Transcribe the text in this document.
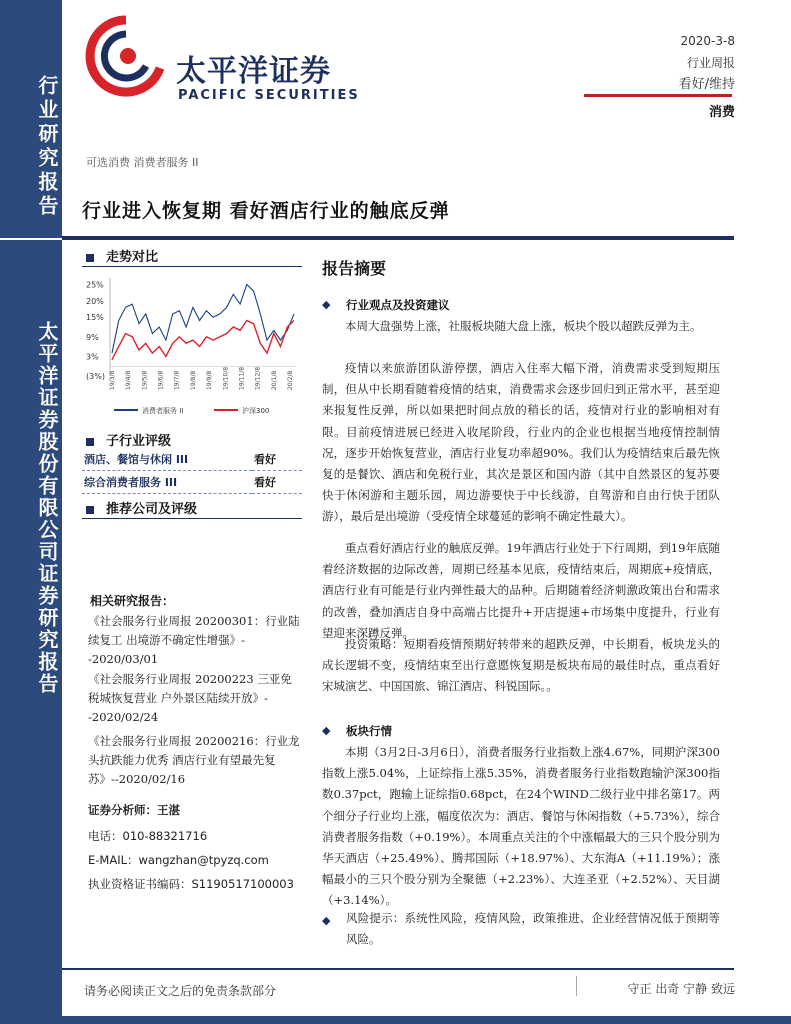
行业研究报告
太平洋证券股份有限公司证券研究报告
太平洋证券
PACIFIC SECURITIES
2020-3-8
行业周报
看好/维持
消费
可选消费 消费者服务 II
行业进入恢复期 看好酒店行业的触底反弹
走势对比
25%
20%
15%
9%
3%
(3%) 19/3/8 19/4/8 19/5/8 19/6/8 19/7/8 19/8/8 19/9/8 19/10/8 19/11/8 19/12/8 20/1/8 20/2/8
消费者服务 II	沪深300
子行业评级
酒店、餐馆与休闲 III	看好
综合消费者服务 III	看好
推荐公司及评级
相关研究报告：
《社会服务行业周报 20200301：行业陆续复工 出境游不确定性增强》--2020/03/01
《社会服务行业周报 20200223 三亚免税城恢复营业 户外景区陆续开放》--2020/02/24
《社会服务行业周报 20200216：行业龙头抗跌能力优秀 酒店行业有望最先复苏》--2020/02/16
证券分析师：王湛
电话：010-88321716
E-MAIL：wangzhan@tpyzq.com
执业资格证书编码：S1190517100003
报告摘要
◆ 行业观点及投资建议
本周大盘强势上涨，社服板块随大盘上涨，板块个股以超跌反弹为主。
疫情以来旅游团队游停摆，酒店入住率大幅下滑，消费需求受到短期压制，但从中长期看随着疫情的结束，消费需求会逐步回归到正常水平，甚至迎来报复性反弹，所以如果把时间点放的稍长的话，疫情对行业的影响相对有限。目前疫情进展已经进入收尾阶段，行业内的企业也根据当地疫情控制情况，逐步开始恢复营业，酒店行业复功率超90%。我们认为疫情结束后最先恢复的是餐饮、酒店和免税行业，其次是景区和国内游（其中自然景区的复苏要快于休闲游和主题乐园，周边游要快于中长线游，自驾游和自由行快于团队游），最后是出境游（受疫情全球蔓延的影响不确定性最大）。
重点看好酒店行业的触底反弹。19年酒店行业处于下行周期，到19年底随着经济数据的边际改善，周期已经基本见底，疫情结束后，周期底+疫情底，酒店行业有可能是行业内弹性最大的品种。后期随着经济刺激政策出台和需求的改善，叠加酒店自身中高端占比提升+开店提速+市场集中度提升，行业有望迎来深蹲反弹。
投资策略：短期看疫情预期好转带来的超跌反弹，中长期看，板块龙头的成长逻辑不变，疫情结束至出行意愿恢复期是板块布局的最佳时点，重点看好宋城演艺、中国国旅、锦江酒店、科锐国际。。
◆ 板块行情
本期（3月2日-3月6日），消费者服务行业指数上涨4.67%，同期沪深300指数上涨5.04%，上证综指上涨5.35%，消费者服务行业指数跑输沪深300指数0.37pct，跑输上证综指0.68pct，在24个WIND二级行业中排名第17。两个细分子行业均上涨，幅度依次为：酒店、餐馆与休闲指数（+5.73%），综合消费者服务指数（+0.19%）。本周重点关注的个中涨幅最大的三只个股分别为华天酒店（+25.49%）、腾邦国际（+18.97%）、大东海A（+11.19%）；涨幅最小的三只个股分别为全聚德（+2.23%）、大连圣亚（+2.52%）、天目湖（+3.14%）。
◆ 风险提示：系统性风险，疫情风险，政策推进、企业经营情况低于预期等风险。
请务必阅读正文之后的免责条款部分	守正 出奇 宁静 致远
